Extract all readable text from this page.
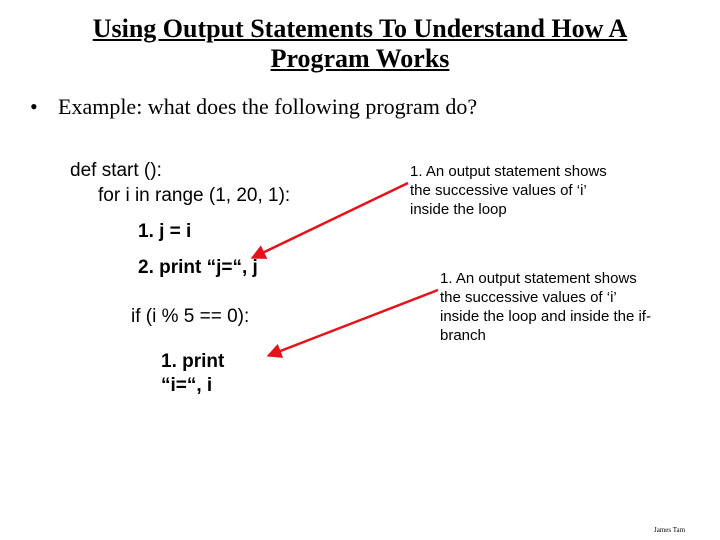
Using Output Statements To Understand How A
Program Works
• Example: what does the following program do?
def start ():
for i in range (1, 20, 1):
1. j = i
2. print “j=“, j
if (i % 5 == 0):
1. print
“i=“, i
1. An output statement shows
the successive values of ‘i’
inside the loop
1. An output statement shows
the successive values of ‘i’
inside the loop and inside the if-
branch
James Tam
